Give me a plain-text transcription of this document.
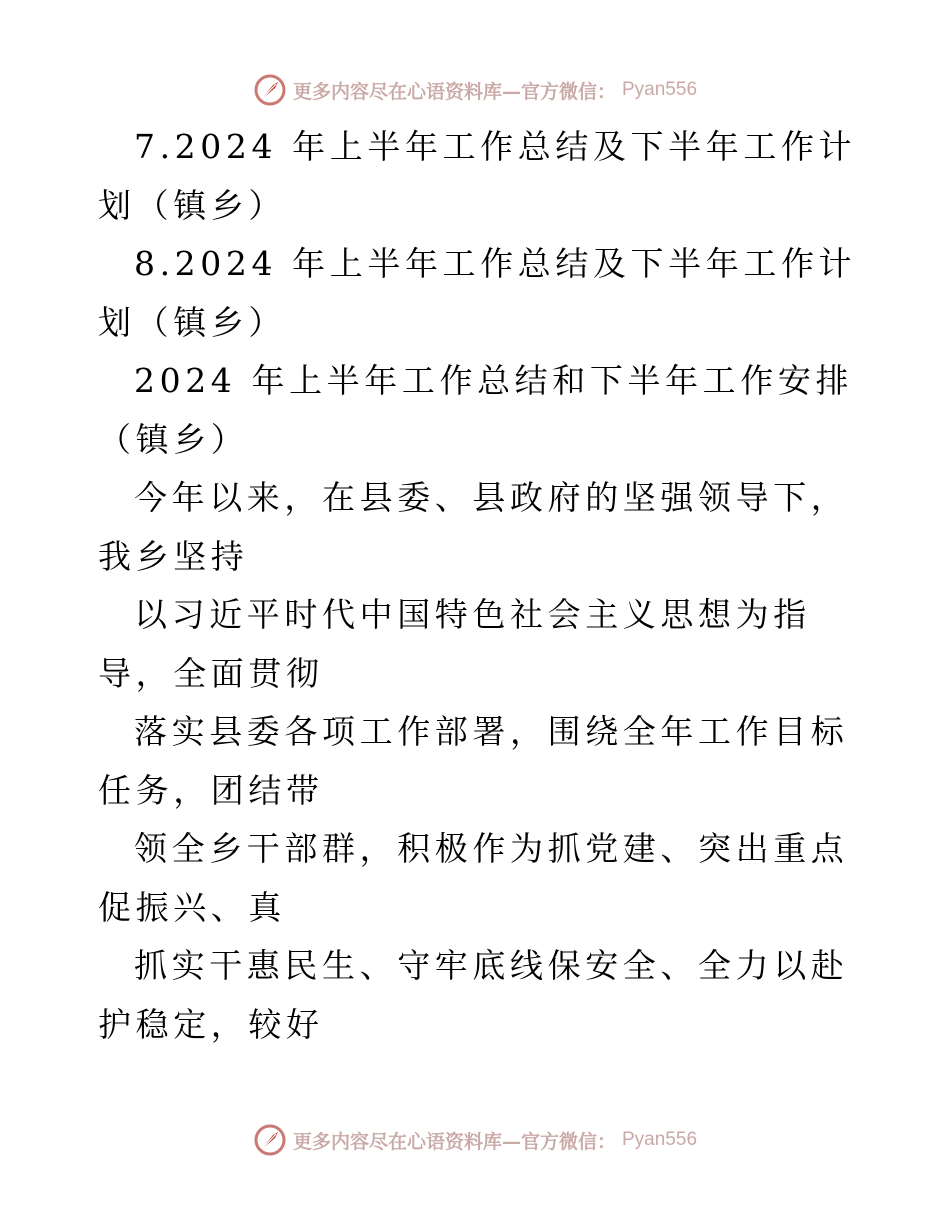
更多内容尽在心语资料库—官方微信： Pyan556

7.2024 年上半年工作总结及下半年工作计划（镇乡）

8.2024 年上半年工作总结及下半年工作计划（镇乡）

2024 年上半年工作总结和下半年工作安排（镇乡）

今年以来，在县委、县政府的坚强领导下，我乡坚持

以习近平时代中国特色社会主义思想为指导，全面贯彻

落实县委各项工作部署，围绕全年工作目标任务，团结带

领全乡干部群，积极作为抓党建、突出重点促振兴、真

抓实干惠民生、守牢底线保安全、全力以赴护稳定，较好

更多内容尽在心语资料库—官方微信： Pyan556
